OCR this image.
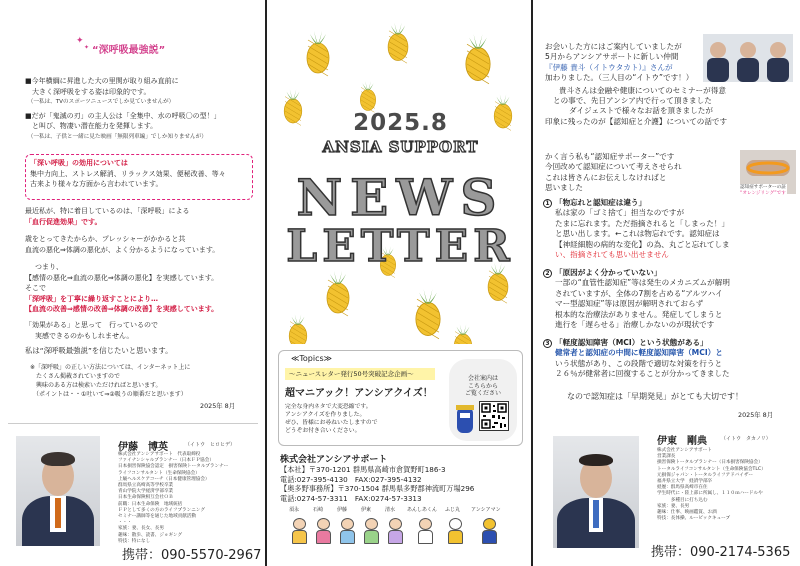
✦
✦ “深呼吸最強説”
■今年横綱に昇進した大の里関が取り組み直前に
　大きく深呼吸をする姿は印象的です。
　（一私は、TVのスポーツニュースでしか見ていませんが）
■だが「鬼滅の刃」の主人公は「全集中、水の呼吸〇の型！」
　と叫び、物凄い潜在能力を発揮します。
　（一私は、子供と一緒に見た映画「無限列車編」でしか知りませんが）
「深い呼吸」の効用については
集中力向上、ストレス解消、リラックス効果、便秘改善、等々
古来より様々な方面から言われています。
最近私が、特に着目しているのは、「深呼吸」による
「血行促進効果」です。
歳をとってきたからか、プレッシャーがかかると共
血流の悪化⇒体調の悪化が、よく分かるようになっています。
つまり、
【感情の悪化⇒血流の悪化⇒体調の悪化】を実感しています。
そこで
「深呼吸」を丁寧に繰り返すことにより…
【血流の改善⇒感情の改善⇒体調の改善】を実感しています。
「効果がある」と思って　行っているので
実感できるのかもしれません。
私は“深呼吸最強説”を信じたいと思います。
※「深呼吸」の正しい方法については、インターネット上に
　たくさん掲載されていますので
　興味のある方は検索いただければと思います。
　（ポイントは・・①吐いて⇒②吸うの順番だと思います）
2025年 8月
伊藤　博英	（イトウ　ヒロヒデ）
株式会社アンシアサポート　代表取締役
ファイナンシャルプランナー（日本ＦＰ協会）
日本損害保険協会認定　損害保険トータルプランナー
ライフコンサルタント（生命保険協会）
上級ヘルスケアコーチ（日本健康管理協会）
群馬県立高崎高等学校卒業
青山学院大学経済学部卒業
日本生命保険相互会社ＯＢ
前職：日本生命保険　地域統括
ＦＰとして多くの方のライフプランニング
セミナー講師等を通じた地域貢献活動
・・・
家族：妻、長女、長男
趣味：散歩、読書、ジョギング
特技：特になし
携帯：090-5570-2967
2025.8
ANSIA SUPPORT
NEWS
LETTER
≪Topics≫
～ニュースレター発行50号突破記念企画～
超マニアック！アンシアクイズ！
完全な身内ネタで大変恐縮です。
アンシアクイズを作りました。
ぜひ、皆様にお尋ねいたしますので
どうぞお付き合いください。
会社案内は
こちらから
ご覧ください
株式会社アンシアサポート
【本社】〒370-1201 群馬県高崎市倉賀野町186-3
電話:027-395-4130　FAX:027-395-4132
【奥多野事務所】〒370-1504 群馬県多野郡神流町万場296
電話:0274-57-3311　FAX:0274-57-3313
須永	石崎	伊藤	伊東	清水 あんしあくん ふじ丸 アンシアマン
お会いした方にはご案内していましたが
5月からアンシアサポートに新しい仲間
『伊藤 貴斗（イトウタカト）』さんが
加わりました。（三人目の“イトウ”です！）
貴斗さんは金融や健康についてのセミナーが得意
との事で、先日アンシア内で行って頂きました
ダイジェストで様々なお話を頂きましたが
印象に残ったのが【認知症と介護】についての話です
かく言う私も“認知症サポーター”です
今回改めて認知症について考えさせられ
これは皆さんにお伝えしなければと
思いました	認知症サポーターの証
“オレンジリング”です
1 「物忘れと認知症は違う」
私は家の「ゴミ捨て」担当なのですが
たまに忘れます。ただ指摘されると「しまった！」
と思い出します。←これは物忘れです。認知症は
【神経細胞の病的な変化】の為、丸ごと忘れてしま
い、指摘されても思い出せません
2 「原因がよく分かっていない」
一部の“血管性認知症”等は発生のメカニズムが解明
されていますが、全体の7割を占める“アルツハイ
マー型認知症”等は原因が解明されておらず
根本的な治療法がありません。発症してしまうと
進行を「遅らせる」治療しかないのが現状です
3 「軽度認知障害（MCI）という状態がある」
健常者と認知症の中間に軽度認知障害（MCI）と
いう状態があり、この段階で適切な対策を行うと
２６％が健常者に回復することが分かってきました
なので認知症は「早期発見」がとても大切です！
2025年 8月
伊東　剛典	（イトウ　タカノリ）
株式会社アンシアサポート
営業課長
損害保険トータルプランナー（日本損害保険協会）
トータルライフコンサルタント（生命保険協会TLC）
元損保ジャパン・トータルライフアドバイザー
福井県立大学　経済学部卒
経歴：群馬県高崎市在住
学生時代に・陸上部に所属し、１１０ｍハードルや
　　　多種目に打ち込む
家族：妻、長男
趣味：仕事、映画鑑賞、お酒
特技：長体操、ルービックキューブ
携帯：090-2174-5365
